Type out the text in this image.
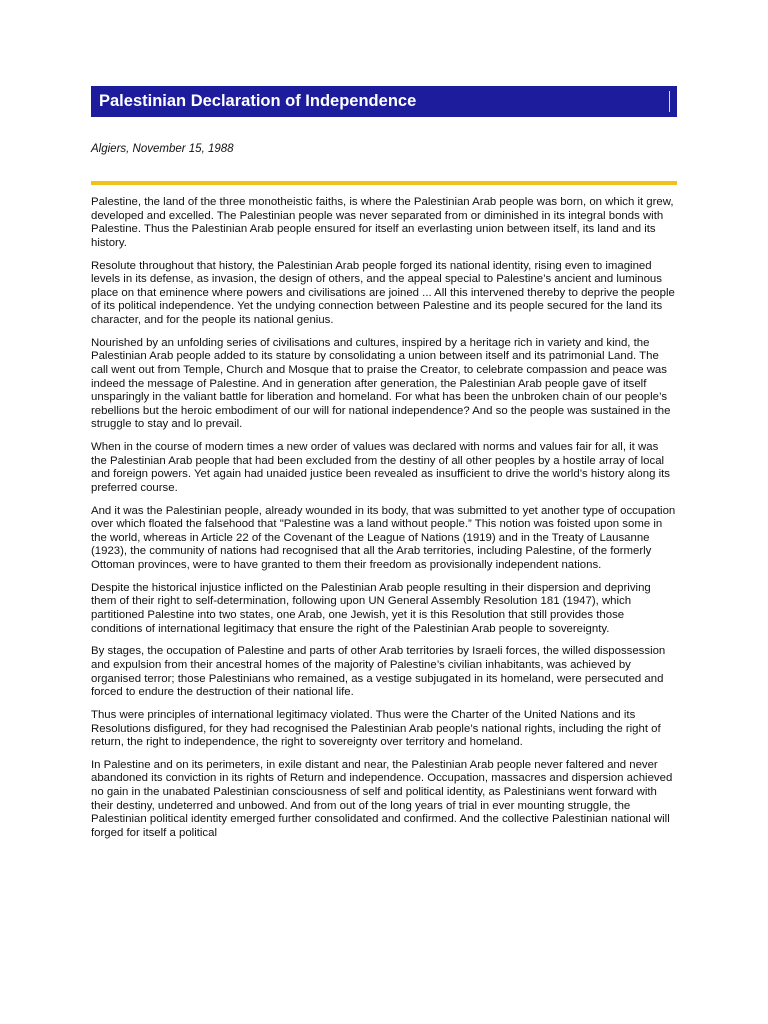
Palestinian Declaration of Independence
Algiers, November 15, 1988

Palestine, the land of the three monotheistic faiths, is where the Palestinian Arab people was born, on which it grew, developed and excelled. The Palestinian people was never separated from or diminished in its integral bonds with Palestine. Thus the Palestinian Arab people ensured for itself an everlasting union between itself, its land and its history.

Resolute throughout that history, the Palestinian Arab people forged its national identity, rising even to imagined levels in its defense, as invasion, the design of others, and the appeal special to Palestine’s ancient and luminous place on that eminence where powers and civilisations are joined ... All this intervened thereby to deprive the people of its political independence. Yet the undying connection between Palestine and its people secured for the land its character, and for the people its national genius.

Nourished by an unfolding series of civilisations and cultures, inspired by a heritage rich in variety and kind, the Palestinian Arab people added to its stature by consolidating a union between itself and its patrimonial Land. The call went out from Temple, Church and Mosque that to praise the Creator, to celebrate compassion and peace was indeed the message of Palestine. And in generation after generation, the Palestinian Arab people gave of itself unsparingly in the valiant battle for liberation and homeland. For what has been the unbroken chain of our people’s rebellions but the heroic embodiment of our will for national independence? And so the people was sustained in the struggle to stay and lo prevail.

When in the course of modern times a new order of values was declared with norms and values fair for all, it was the Palestinian Arab people that had been excluded from the destiny of all other peoples by a hostile array of local and foreign powers. Yet again had unaided justice been revealed as insufficient to drive the world’s history along its preferred course.

And it was the Palestinian people, already wounded in its body, that was submitted to yet another type of occupation over which floated the falsehood that "Palestine was a land without people.” This notion was foisted upon some in the world, whereas in Article 22 of the Covenant of the League of Nations (1919) and in the Treaty of Lausanne (1923), the community of nations had recognised that all the Arab territories, including Palestine, of the formerly Ottoman provinces, were to have granted to them their freedom as provisionally independent nations.

Despite the historical injustice inflicted on the Palestinian Arab people resulting in their dispersion and depriving them of their right to self-determination, following upon UN General Assembly Resolution 181 (1947), which partitioned Palestine into two states, one Arab, one Jewish, yet it is this Resolution that still provides those conditions of international legitimacy that ensure the right of the Palestinian Arab people to sovereignty.

By stages, the occupation of Palestine and parts of other Arab territories by Israeli forces, the willed dispossession and expulsion from their ancestral homes of the majority of Palestine’s civilian inhabitants, was achieved by organised terror; those Palestinians who remained, as a vestige subjugated in its homeland, were persecuted and forced to endure the destruction of their national life.

Thus were principles of international legitimacy violated. Thus were the Charter of the United Nations and its Resolutions disfigured, for they had recognised the Palestinian Arab people’s national rights, including the right of return, the right to independence, the right to sovereignty over territory and homeland.

In Palestine and on its perimeters, in exile distant and near, the Palestinian Arab people never faltered and never abandoned its conviction in its rights of Return and independence. Occupation, massacres and dispersion achieved no gain in the unabated Palestinian consciousness of self and political identity, as Palestinians went forward with their destiny, undeterred and unbowed. And from out of the long years of trial in ever mounting struggle, the Palestinian political identity emerged further consolidated and confirmed. And the collective Palestinian national will forged for itself a political
